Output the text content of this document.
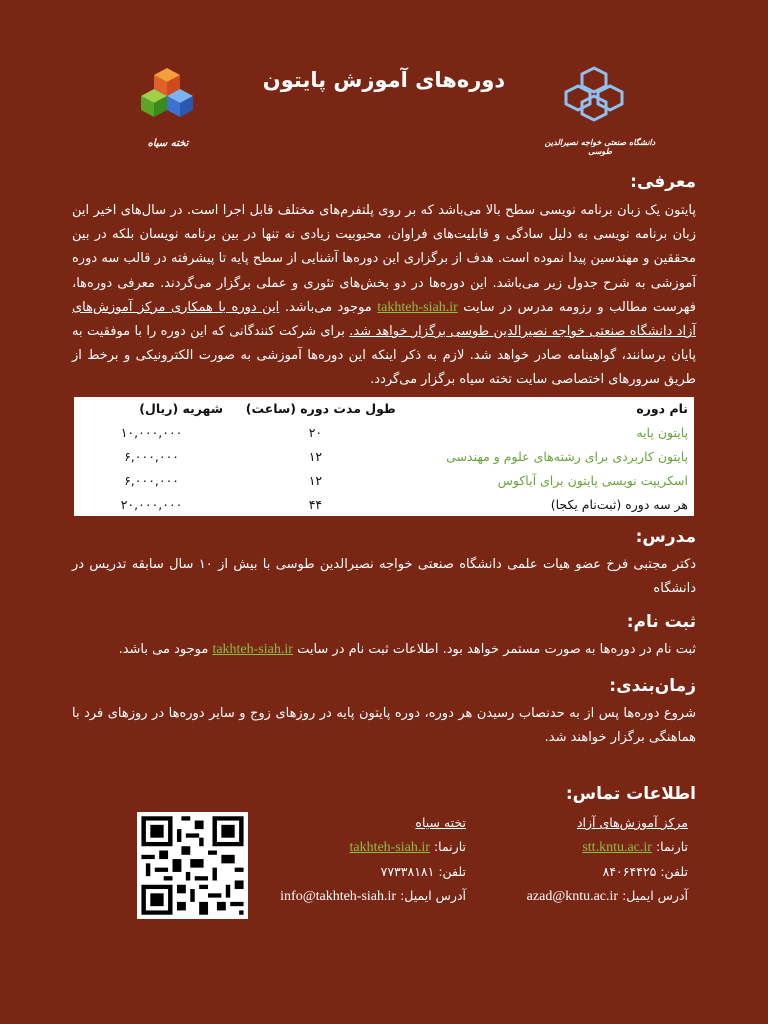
تخته سیاه
دوره‌های آموزش پایتون
دانشگاه صنعتی خواجه نصیرالدین طوسی
معرفی:
پایتون یک زبان برنامه نویسی سطح بالا می‌باشد که بر روی پلتفرم‌های مختلف قابل اجرا است. در سال‌های اخیر این زبان برنامه نویسی به دلیل سادگی و قابلیت‌های فراوان، محبوبیت زیادی نه تنها در بین برنامه نویسان بلکه در بین محققین و مهندسین پیدا نموده است. هدف از برگزاری این دوره‌ها آشنایی از سطح پایه تا پیشرفته در قالب سه دوره آموزشی به شرح جدول زیر می‌باشد. این دوره‌ها در دو بخش‌های تئوری و عملی برگزار می‌گردند. معرفی دوره‌ها، فهرست مطالب و رزومه مدرس در سایت takhteh-siah.ir موجود می‌باشد. این دوره با همکاری مرکز آموزش‌های آزاد دانشگاه صنعتی خواجه نصیرالدین طوسی برگزار خواهد شد. برای شرکت کنندگانی که این دوره را با موفقیت به پایان برسانند، گواهینامه صادر خواهد شد. لازم به ذکر اینکه این دوره‌ها آموزشی به صورت الکترونیکی و برخط از طریق سرورهای اختصاصی سایت تخته سیاه برگزار می‌گردد.
نام دوره	طول مدت دوره (ساعت)	شهریه (ریال)
پایتون پایه	۲۰	۱۰,۰۰۰,۰۰۰
پایتون کاربردی برای رشته‌های علوم و مهندسی	۱۲	۶,۰۰۰,۰۰۰
اسکریپت نویسی پایتون برای آباکوس	۱۲	۶,۰۰۰,۰۰۰
هر سه دوره (ثبت‌نام یکجا)	۴۴	۲۰,۰۰۰,۰۰۰
مدرس:
دکتر مجتبی فرخ عضو هیات علمی دانشگاه صنعتی خواجه نصیرالدین طوسی با بیش از ۱۰ سال سابقه تدریس در دانشگاه
ثبت نام:
ثبت نام در دوره‌ها به صورت مستمر خواهد بود. اطلاعات ثبت نام در سایت takhteh-siah.ir موجود می باشد.
زمان‌بندی:
شروع دوره‌ها پس از به حدنصاب رسیدن هر دوره، دوره پایتون پایه در روزهای زوج و سایر دوره‌ها در روزهای فرد با هماهنگی برگزار خواهند شد.
اطلاعات تماس:
مرکز آموزش‌های آزاد
تارنما: stt.kntu.ac.ir
تلفن: ۸۴۰۶۴۴۲۵
آدرس ایمیل: azad@kntu.ac.ir
تخته سیاه
تارنما: takhteh-siah.ir
تلفن: ۷۷۳۳۸۱۸۱
آدرس ایمیل: info@takhteh-siah.ir
